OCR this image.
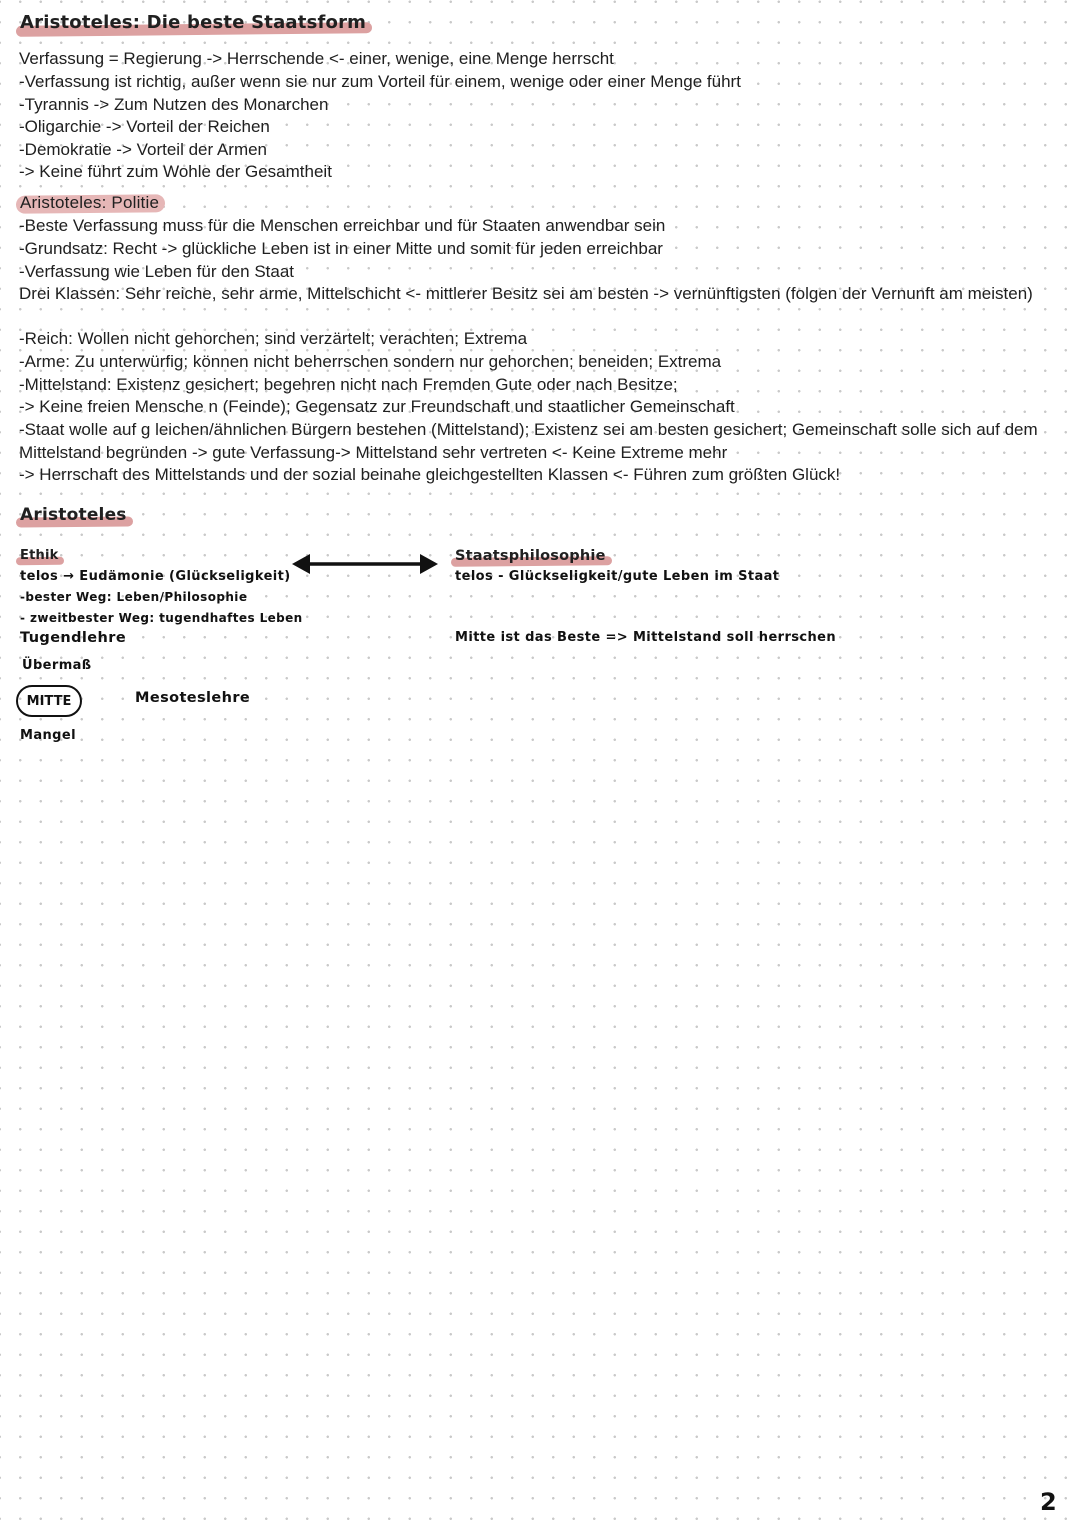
Aristoteles: Die beste Staatsform
Verfassung = Regierung -> Herrschende <- einer, wenige, eine Menge herrscht
-Verfassung ist richtig, außer wenn sie nur zum Vorteil für einem, wenige oder einer Menge führt
-Tyrannis -> Zum Nutzen des Monarchen
-Oligarchie -> Vorteil der Reichen
-Demokratie -> Vorteil der Armen
-> Keine führt zum Wohle der Gesamtheit
Aristoteles: Politie
-Beste Verfassung muss für die Menschen erreichbar und für Staaten anwendbar sein
-Grundsatz: Recht -> glückliche Leben ist in einer Mitte und somit für jeden erreichbar
-Verfassung wie Leben für den Staat
Drei Klassen: Sehr reiche, sehr arme, Mittelschicht <- mittlerer Besitz sei am besten -> vernünftigsten (folgen der Vernunft am meisten)
-Reich: Wollen nicht gehorchen; sind verzärtelt; verachten; Extrema
-Arme: Zu unterwürfig; können nicht beherrschen sondern nur gehorchen; beneiden; Extrema
-Mittelstand: Existenz gesichert; begehren nicht nach Fremden Gute oder nach Besitze;
-> Keine freien Mensche n (Feinde); Gegensatz zur Freundschaft und staatlicher Gemeinschaft
-Staat wolle auf g leichen/ähnlichen Bürgern bestehen (Mittelstand); Existenz sei am besten gesichert; Gemeinschaft solle sich auf dem Mittelstand begründen -> gute Verfassung-> Mittelstand sehr vertreten <- Keine Extreme mehr
-> Herrschaft des Mittelstands und der sozial beinahe gleichgestellten Klassen <- Führen zum größten Glück!
Aristoteles
Ethik
telos → Eudämonie (Glückseligkeit)
-bester Weg: Leben/Philosophie
- zweitbester Weg: tugendhaftes Leben
Tugendlehre
Übermaß
MITTE	Mesoteslehre
Mangel
Staatsphilosophie
telos - Glückseligkeit/gute Leben im Staat
Mitte ist das Beste => Mittelstand soll herrschen
2
